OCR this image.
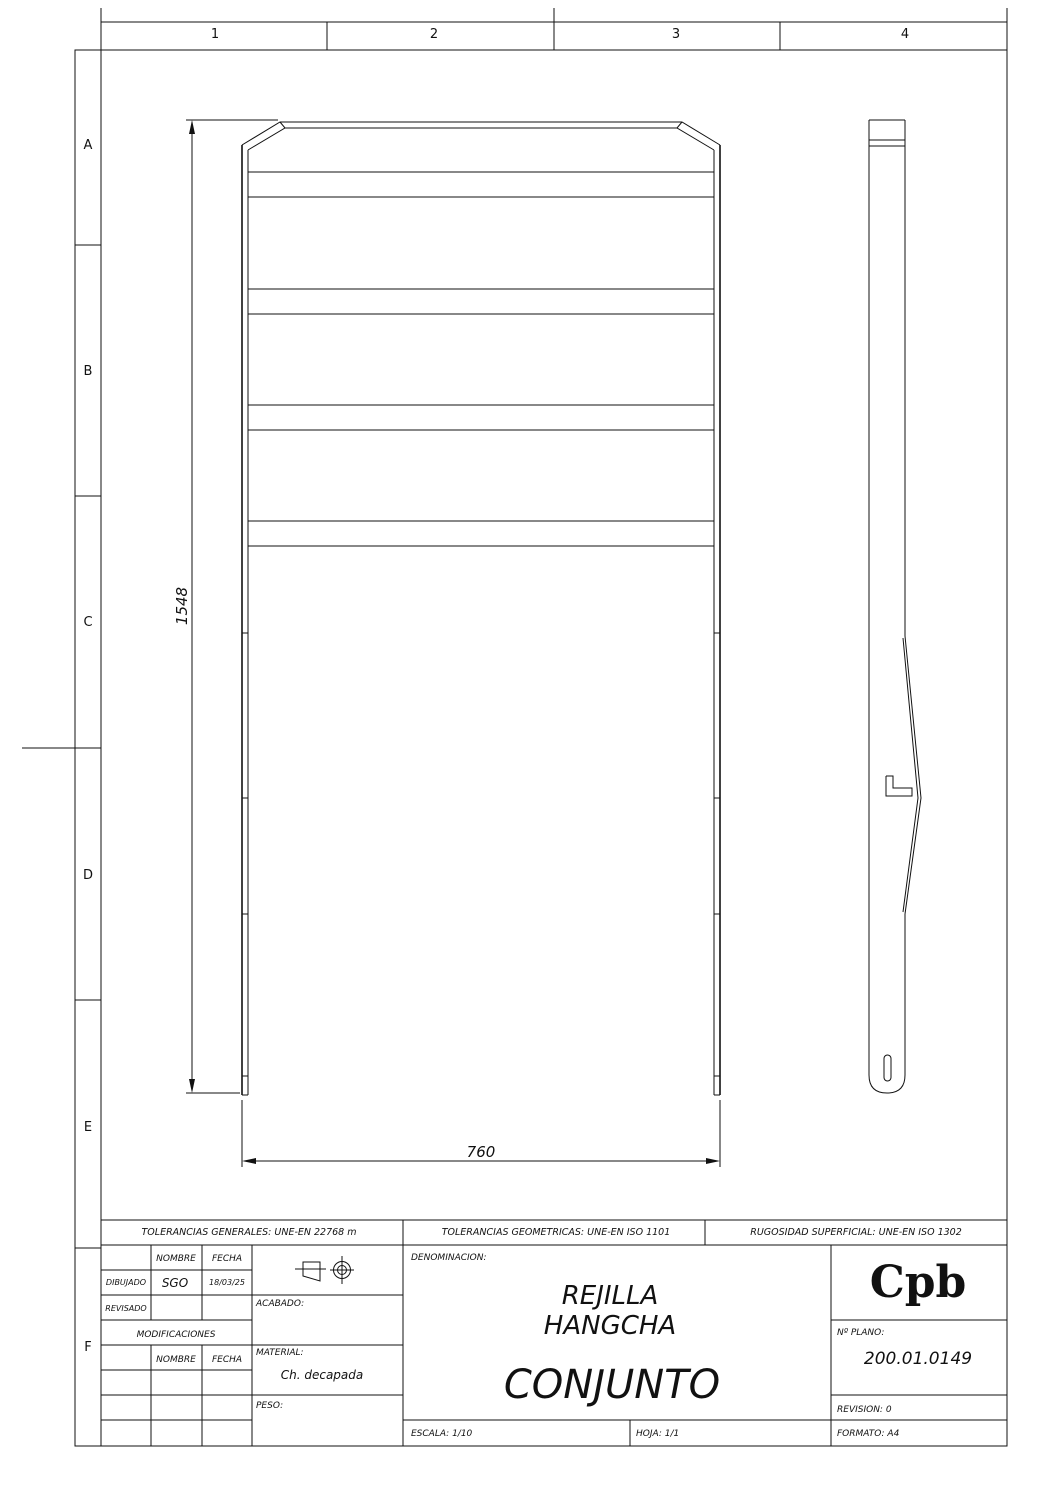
1	2	3	4
A
B
C
D
E
F
1548
760
TOLERANCIAS GENERALES: UNE-EN 22768 m	TOLERANCIAS GEOMETRICAS: UNE-EN ISO 1101	RUGOSIDAD SUPERFICIAL: UNE-EN ISO 1302
NOMBRE FECHA
DIBUJADO SGO	18/03/25
REVISADO
MODIFICACIONES
NOMBRE FECHA
ACABADO:
MATERIAL:
Ch. decapada
PESO:
DENOMINACION:
REJILLA
HANGCHA
CONJUNTO
Cpb
Nº PLANO:
200.01.0149
REVISION: 0
FORMATO: A4
ESCALA: 1/10	HOJA: 1/1
